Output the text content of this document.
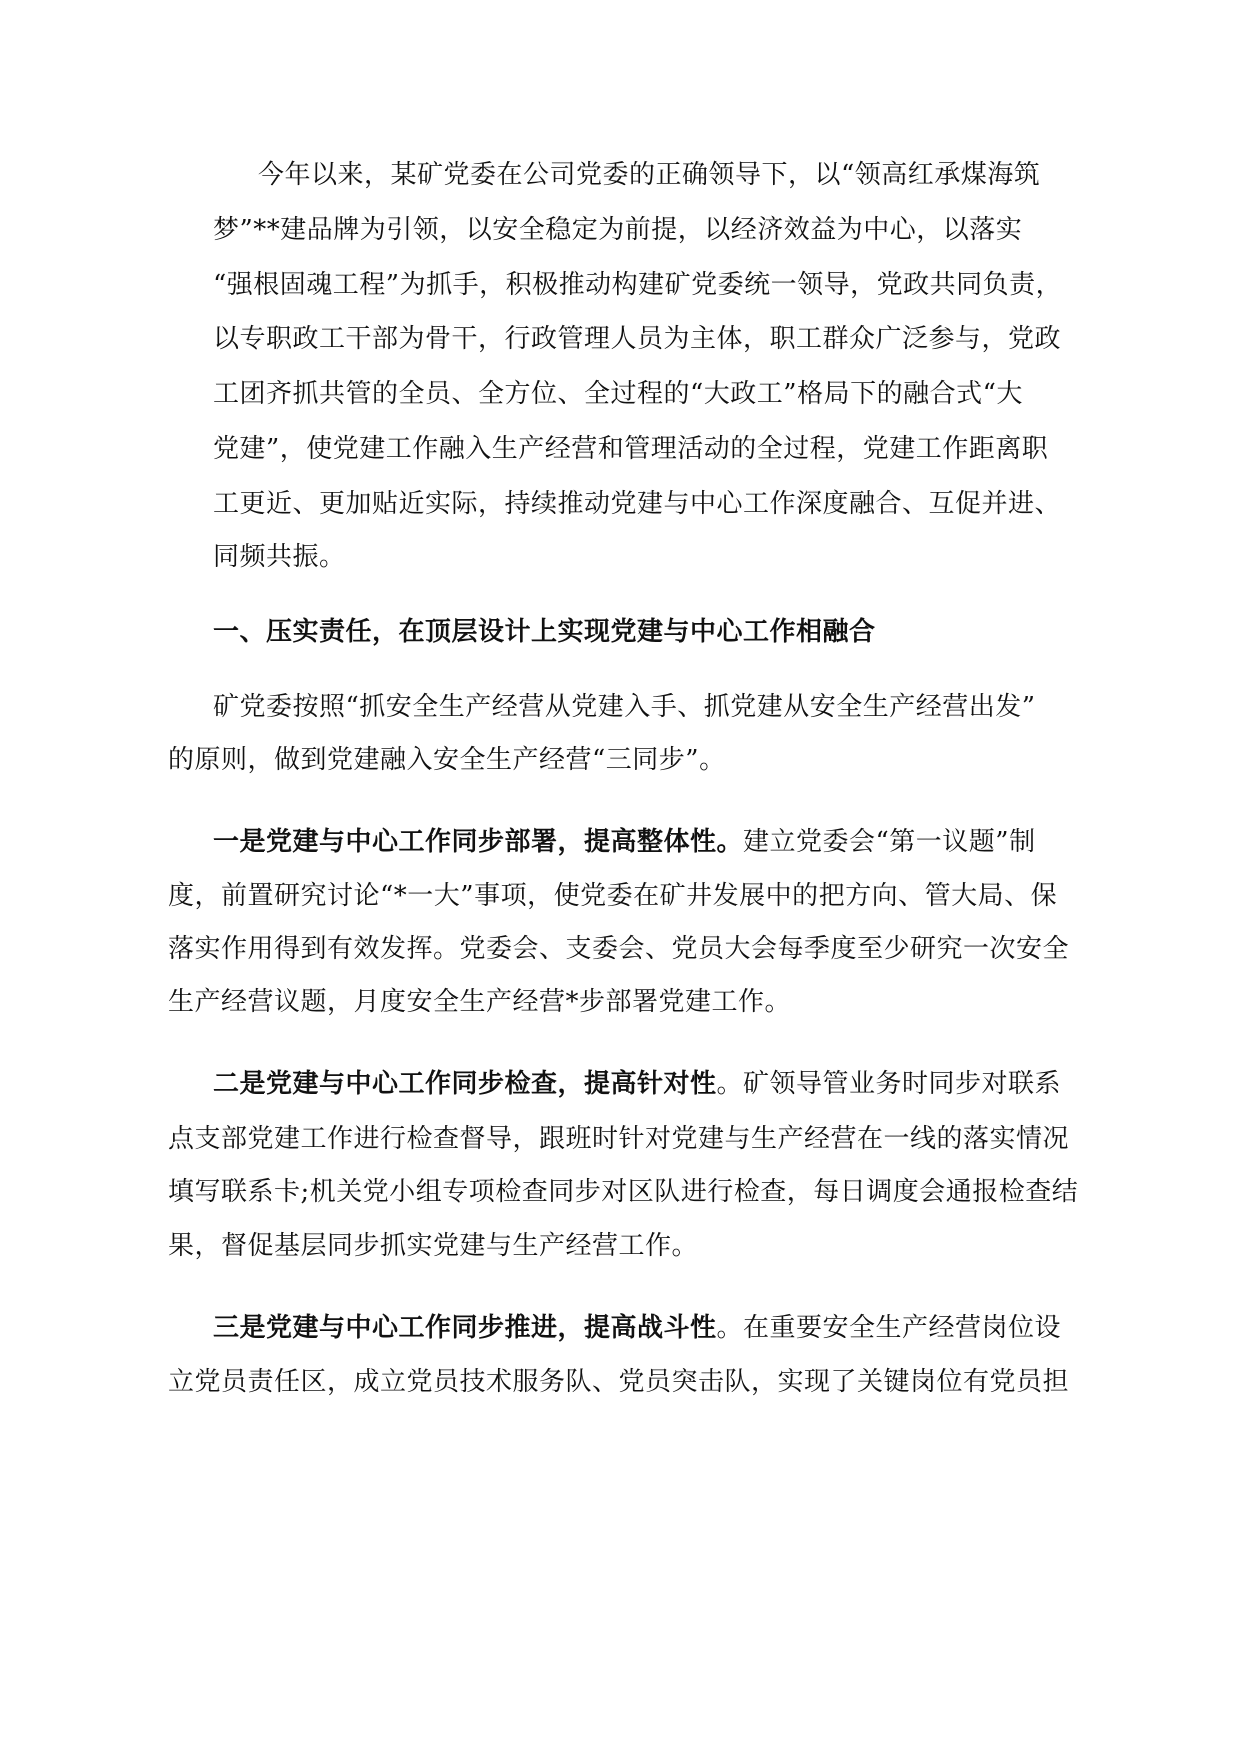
今年以来，某矿党委在公司党委的正确领导下，以“领高红承煤海筑
梦”**建品牌为引领，以安全稳定为前提，以经济效益为中心，以落实
“强根固魂工程”为抓手，积极推动构建矿党委统一领导，党政共同负责，
以专职政工干部为骨干，行政管理人员为主体，职工群众广泛参与，党政
工团齐抓共管的全员、全方位、全过程的“大政工”格局下的融合式“大
党建”，使党建工作融入生产经营和管理活动的全过程，党建工作距离职
工更近、更加贴近实际，持续推动党建与中心工作深度融合、互促并进、
同频共振。
一、压实责任，在顶层设计上实现党建与中心工作相融合
矿党委按照“抓安全生产经营从党建入手、抓党建从安全生产经营出发”
的原则，做到党建融入安全生产经营“三同步”。
一是党建与中心工作同步部署，提高整体性。建立党委会“第一议题”制
度，前置研究讨论“*一大”事项，使党委在矿井发展中的把方向、管大局、保
落实作用得到有效发挥。党委会、支委会、党员大会每季度至少研究一次安全
生产经营议题，月度安全生产经营*步部署党建工作。
二是党建与中心工作同步检查，提高针对性。矿领导管业务时同步对联系
点支部党建工作进行检查督导，跟班时针对党建与生产经营在一线的落实情况
填写联系卡;机关党小组专项检查同步对区队进行检查，每日调度会通报检查结
果，督促基层同步抓实党建与生产经营工作。
三是党建与中心工作同步推进，提高战斗性。在重要安全生产经营岗位设
立党员责任区，成立党员技术服务队、党员突击队，实现了关键岗位有党员担
